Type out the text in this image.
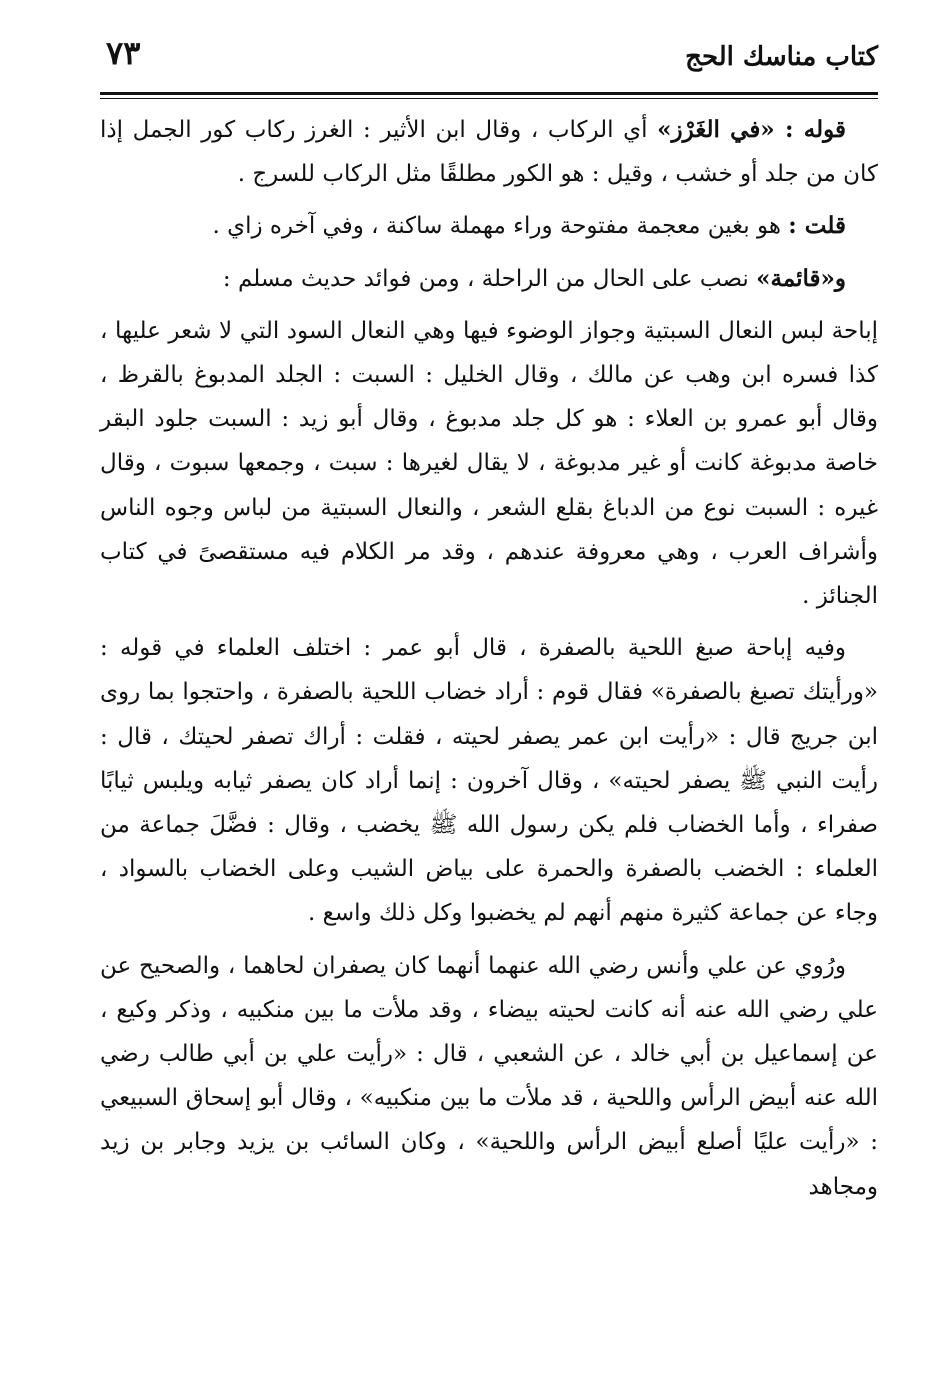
كتاب مناسك الحج
٧٣

قوله : «في الغَرْز» أي الركاب ، وقال ابن الأثير : الغرز ركاب كور الجمل إذا كان من جلد أو خشب ، وقيل : هو الكور مطلقًا مثل الركاب للسرج .

قلت : هو بغين معجمة مفتوحة وراء مهملة ساكنة ، وفي آخره زاي .

و«قائمة» نصب على الحال من الراحلة ، ومن فوائد حديث مسلم :

إباحة لبس النعال السبتية وجواز الوضوء فيها وهي النعال السود التي لا شعر عليها ، كذا فسره ابن وهب عن مالك ، وقال الخليل : السبت : الجلد المدبوغ بالقرظ ، وقال أبو عمرو بن العلاء : هو كل جلد مدبوغ ، وقال أبو زيد : السبت جلود البقر خاصة مدبوغة كانت أو غير مدبوغة ، لا يقال لغيرها : سبت ، وجمعها سبوت ، وقال غيره : السبت نوع من الدباغ بقلع الشعر ، والنعال السبتية من لباس وجوه الناس وأشراف العرب ، وهي معروفة عندهم ، وقد مر الكلام فيه مستقصىً في كتاب الجنائز .

وفيه إباحة صبغ اللحية بالصفرة ، قال أبو عمر : اختلف العلماء في قوله : «ورأيتك تصبغ بالصفرة» فقال قوم : أراد خضاب اللحية بالصفرة ، واحتجوا بما روى ابن جريج قال : «رأيت ابن عمر يصفر لحيته ، فقلت : أراك تصفر لحيتك ، قال : رأيت النبي ﷺ يصفر لحيته» ، وقال آخرون : إنما أراد كان يصفر ثيابه ويلبس ثيابًا صفراء ، وأما الخضاب فلم يكن رسول الله ﷺ يخضب ، وقال : فضَّلَ جماعة من العلماء : الخضب بالصفرة والحمرة على بياض الشيب وعلى الخضاب بالسواد ، وجاء عن جماعة كثيرة منهم أنهم لم يخضبوا وكل ذلك واسع .

ورُوي عن علي وأنس رضي الله عنهما أنهما كان يصفران لحاهما ، والصحيح عن علي رضي الله عنه أنه كانت لحيته بيضاء ، وقد ملأت ما بين منكبيه ، وذكر وكيع ، عن إسماعيل بن أبي خالد ، عن الشعبي ، قال : «رأيت علي بن أبي طالب رضي الله عنه أبيض الرأس واللحية ، قد ملأت ما بين منكبيه» ، وقال أبو إسحاق السبيعي : «رأيت عليًا أصلع أبيض الرأس واللحية» ، وكان السائب بن يزيد وجابر بن زيد ومجاهد
